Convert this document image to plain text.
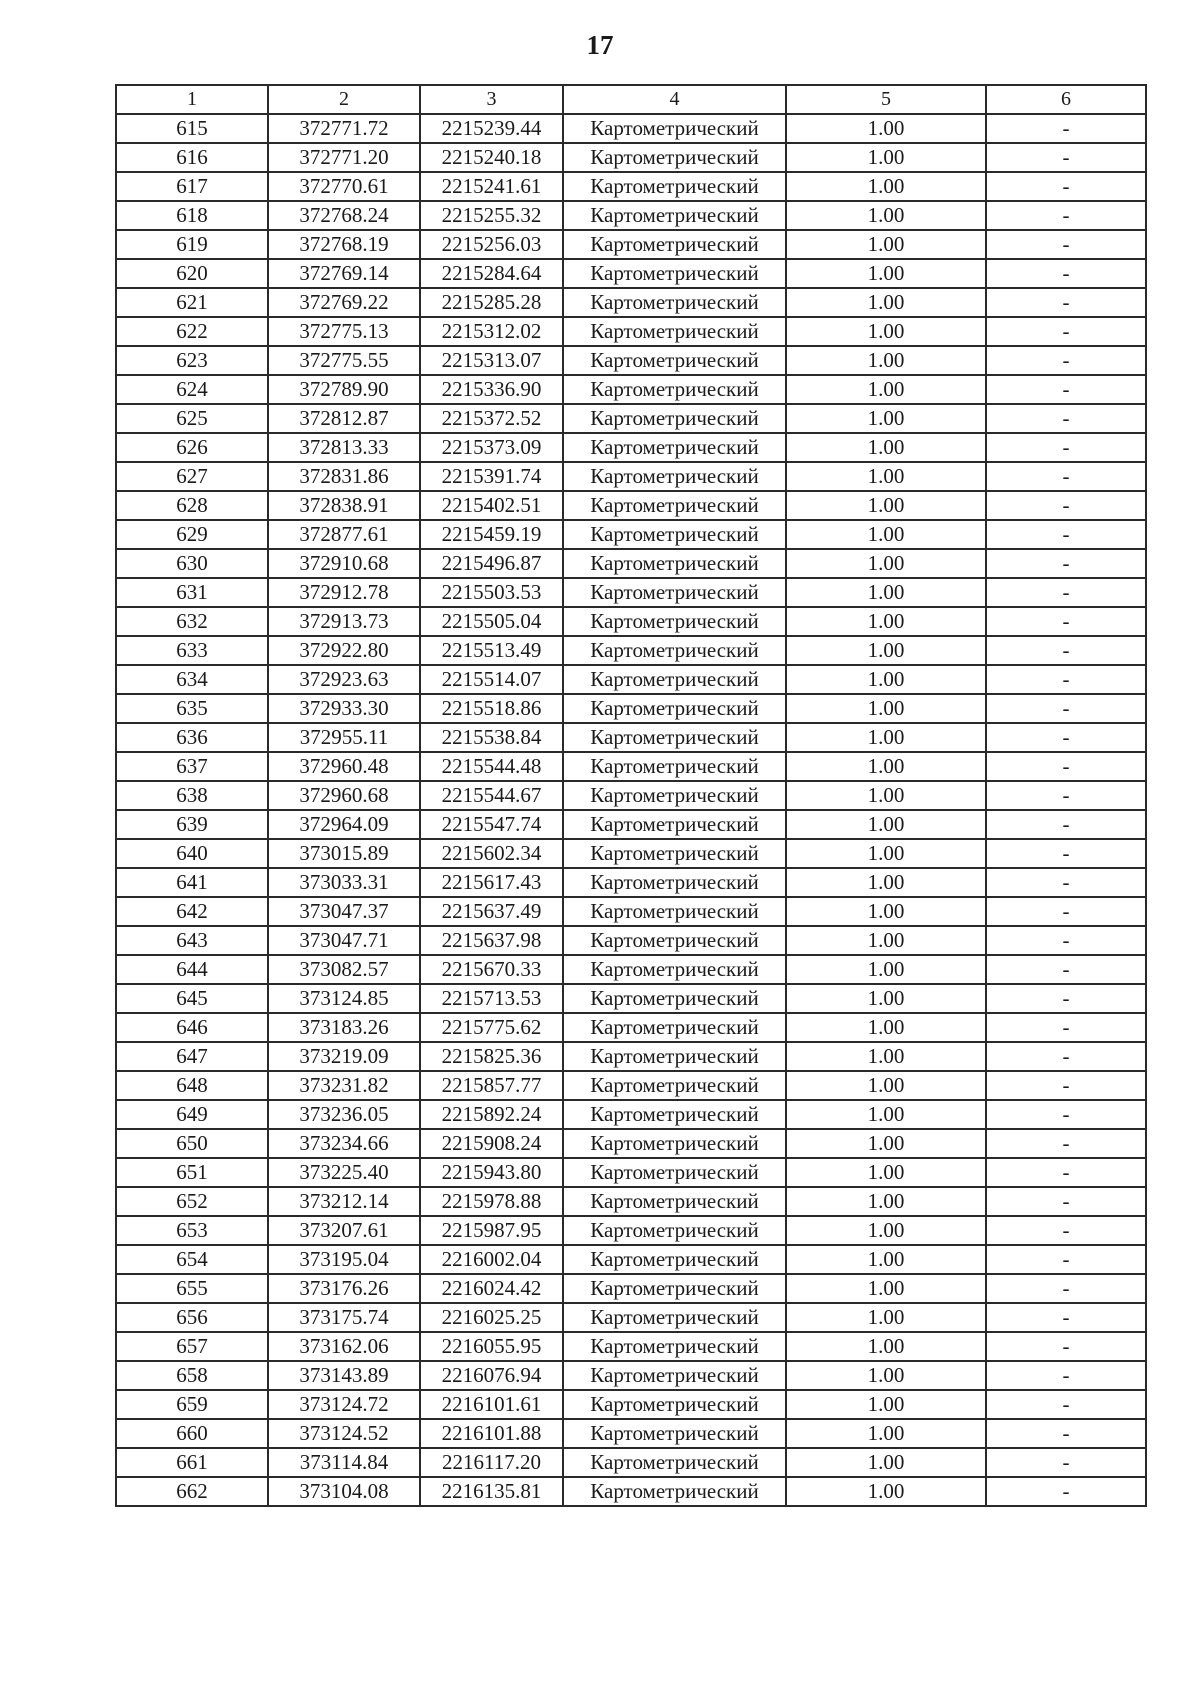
17
1	2	3	4	5	6
615	372771.72	2215239.44	Картометрический	1.00	-
616	372771.20	2215240.18	Картометрический	1.00	-
617	372770.61	2215241.61	Картометрический	1.00	-
618	372768.24	2215255.32	Картометрический	1.00	-
619	372768.19	2215256.03	Картометрический	1.00	-
620	372769.14	2215284.64	Картометрический	1.00	-
621	372769.22	2215285.28	Картометрический	1.00	-
622	372775.13	2215312.02	Картометрический	1.00	-
623	372775.55	2215313.07	Картометрический	1.00	-
624	372789.90	2215336.90	Картометрический	1.00	-
625	372812.87	2215372.52	Картометрический	1.00	-
626	372813.33	2215373.09	Картометрический	1.00	-
627	372831.86	2215391.74	Картометрический	1.00	-
628	372838.91	2215402.51	Картометрический	1.00	-
629	372877.61	2215459.19	Картометрический	1.00	-
630	372910.68	2215496.87	Картометрический	1.00	-
631	372912.78	2215503.53	Картометрический	1.00	-
632	372913.73	2215505.04	Картометрический	1.00	-
633	372922.80	2215513.49	Картометрический	1.00	-
634	372923.63	2215514.07	Картометрический	1.00	-
635	372933.30	2215518.86	Картометрический	1.00	-
636	372955.11	2215538.84	Картометрический	1.00	-
637	372960.48	2215544.48	Картометрический	1.00	-
638	372960.68	2215544.67	Картометрический	1.00	-
639	372964.09	2215547.74	Картометрический	1.00	-
640	373015.89	2215602.34	Картометрический	1.00	-
641	373033.31	2215617.43	Картометрический	1.00	-
642	373047.37	2215637.49	Картометрический	1.00	-
643	373047.71	2215637.98	Картометрический	1.00	-
644	373082.57	2215670.33	Картометрический	1.00	-
645	373124.85	2215713.53	Картометрический	1.00	-
646	373183.26	2215775.62	Картометрический	1.00	-
647	373219.09	2215825.36	Картометрический	1.00	-
648	373231.82	2215857.77	Картометрический	1.00	-
649	373236.05	2215892.24	Картометрический	1.00	-
650	373234.66	2215908.24	Картометрический	1.00	-
651	373225.40	2215943.80	Картометрический	1.00	-
652	373212.14	2215978.88	Картометрический	1.00	-
653	373207.61	2215987.95	Картометрический	1.00	-
654	373195.04	2216002.04	Картометрический	1.00	-
655	373176.26	2216024.42	Картометрический	1.00	-
656	373175.74	2216025.25	Картометрический	1.00	-
657	373162.06	2216055.95	Картометрический	1.00	-
658	373143.89	2216076.94	Картометрический	1.00	-
659	373124.72	2216101.61	Картометрический	1.00	-
660	373124.52	2216101.88	Картометрический	1.00	-
661	373114.84	2216117.20	Картометрический	1.00	-
662	373104.08	2216135.81	Картометрический	1.00	-
